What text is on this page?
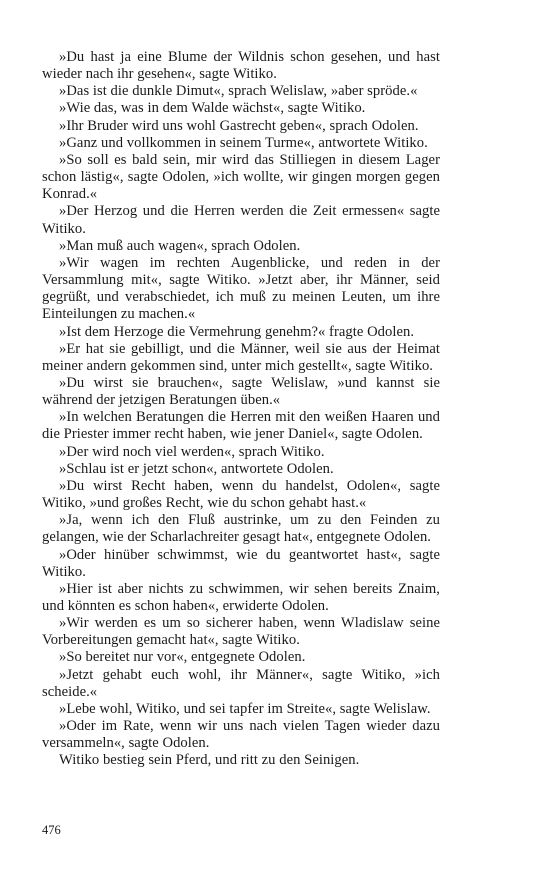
»Du hast ja eine Blume der Wildnis schon gesehen, und hast wieder nach ihr gesehen«, sagte Witiko.

»Das ist die dunkle Dimut«, sprach Welislaw, »aber spröde.«

»Wie das, was in dem Walde wächst«, sagte Witiko.

»Ihr Bruder wird uns wohl Gastrecht geben«, sprach Odolen.

»Ganz und vollkommen in seinem Turme«, antwortete Witiko.

»So soll es bald sein, mir wird das Stilliegen in diesem Lager schon lästig«, sagte Odolen, »ich wollte, wir gingen morgen gegen Konrad.«

»Der Herzog und die Herren werden die Zeit ermessen« sagte Witiko.

»Man muß auch wagen«, sprach Odolen.

»Wir wagen im rechten Augenblicke, und reden in der Versammlung mit«, sagte Witiko. »Jetzt aber, ihr Männer, seid gegrüßt, und verabschiedet, ich muß zu meinen Leuten, um ihre Einteilungen zu machen.«

»Ist dem Herzoge die Vermehrung genehm?« fragte Odolen.

»Er hat sie gebilligt, und die Männer, weil sie aus der Heimat meiner andern gekommen sind, unter mich gestellt«, sagte Witiko.

»Du wirst sie brauchen«, sagte Welislaw, »und kannst sie während der jetzigen Beratungen üben.«

»In welchen Beratungen die Herren mit den weißen Haaren und die Priester immer recht haben, wie jener Daniel«, sagte Odolen.

»Der wird noch viel werden«, sprach Witiko.

»Schlau ist er jetzt schon«, antwortete Odolen.

»Du wirst Recht haben, wenn du handelst, Odolen«, sagte Witiko, »und großes Recht, wie du schon gehabt hast.«

»Ja, wenn ich den Fluß austrinke, um zu den Feinden zu gelangen, wie der Scharlachreiter gesagt hat«, entgegnete Odolen.

»Oder hinüber schwimmst, wie du geantwortet hast«, sagte Witiko.

»Hier ist aber nichts zu schwimmen, wir sehen bereits Znaim, und könnten es schon haben«, erwiderte Odolen.

»Wir werden es um so sicherer haben, wenn Wladislaw seine Vorbereitungen gemacht hat«, sagte Witiko.

»So bereitet nur vor«, entgegnete Odolen.

»Jetzt gehabt euch wohl, ihr Männer«, sagte Witiko, »ich scheide.«

»Lebe wohl, Witiko, und sei tapfer im Streite«, sagte Welislaw.

»Oder im Rate, wenn wir uns nach vielen Tagen wieder dazu versammeln«, sagte Odolen.

Witiko bestieg sein Pferd, und ritt zu den Seinigen.

476
